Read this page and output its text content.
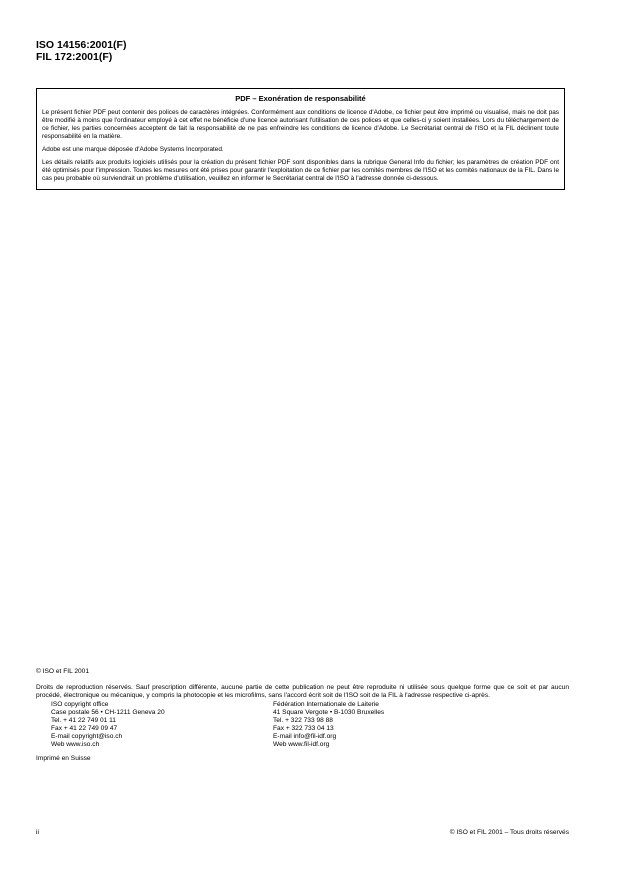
ISO 14156:2001(F)
FIL 172:2001(F)
PDF – Exonération de responsabilité

Le présent fichier PDF peut contenir des polices de caractères intégrées. Conformément aux conditions de licence d'Adobe, ce fichier peut être imprimé ou visualisé, mais ne doit pas être modifié à moins que l'ordinateur employé à cet effet ne bénéficie d'une licence autorisant l'utilisation de ces polices et que celles-ci y soient installées. Lors du téléchargement de ce fichier, les parties concernées acceptent de fait la responsabilité de ne pas enfreindre les conditions de licence d'Adobe. Le Secrétariat central de l'ISO et la FIL déclinent toute responsabilité en la matière.

Adobe est une marque déposée d'Adobe Systems Incorporated.

Les détails relatifs aux produits logiciels utilisés pour la création du présent fichier PDF sont disponibles dans la rubrique General Info du fichier; les paramètres de création PDF ont été optimisés pour l'impression. Toutes les mesures ont été prises pour garantir l'exploitation de ce fichier par les comités membres de l'ISO et les comités nationaux de la FIL. Dans le cas peu probable où surviendrait un problème d'utilisation, veuillez en informer le Secrétariat central de l'ISO à l'adresse donnée ci-dessous.

© ISO et FIL 2001
Droits de reproduction réservés. Sauf prescription différente, aucune partie de cette publication ne peut être reproduite ni utilisée sous quelque forme que ce soit et par aucun procédé, électronique ou mécanique, y compris la photocopie et les microfilms, sans l'accord écrit soit de l'ISO soit de la FIL à l'adresse respective ci-après.
ISO copyright office
Case postale 56 • CH-1211 Geneva 20
Tel. + 41 22 749 01 11
Fax + 41 22 749 09 47
E-mail copyright@iso.ch
Web www.iso.ch
Fédération Internationale de Laiterie
41 Square Vergote • B-1030 Bruxelles
Tel. + 322 733 98 88
Fax + 322 733 04 13
E-mail info@fil-idf.org
Web www.fil-idf.org
Imprimé en Suisse
ii	© ISO et FIL 2001 – Tous droits réservés
